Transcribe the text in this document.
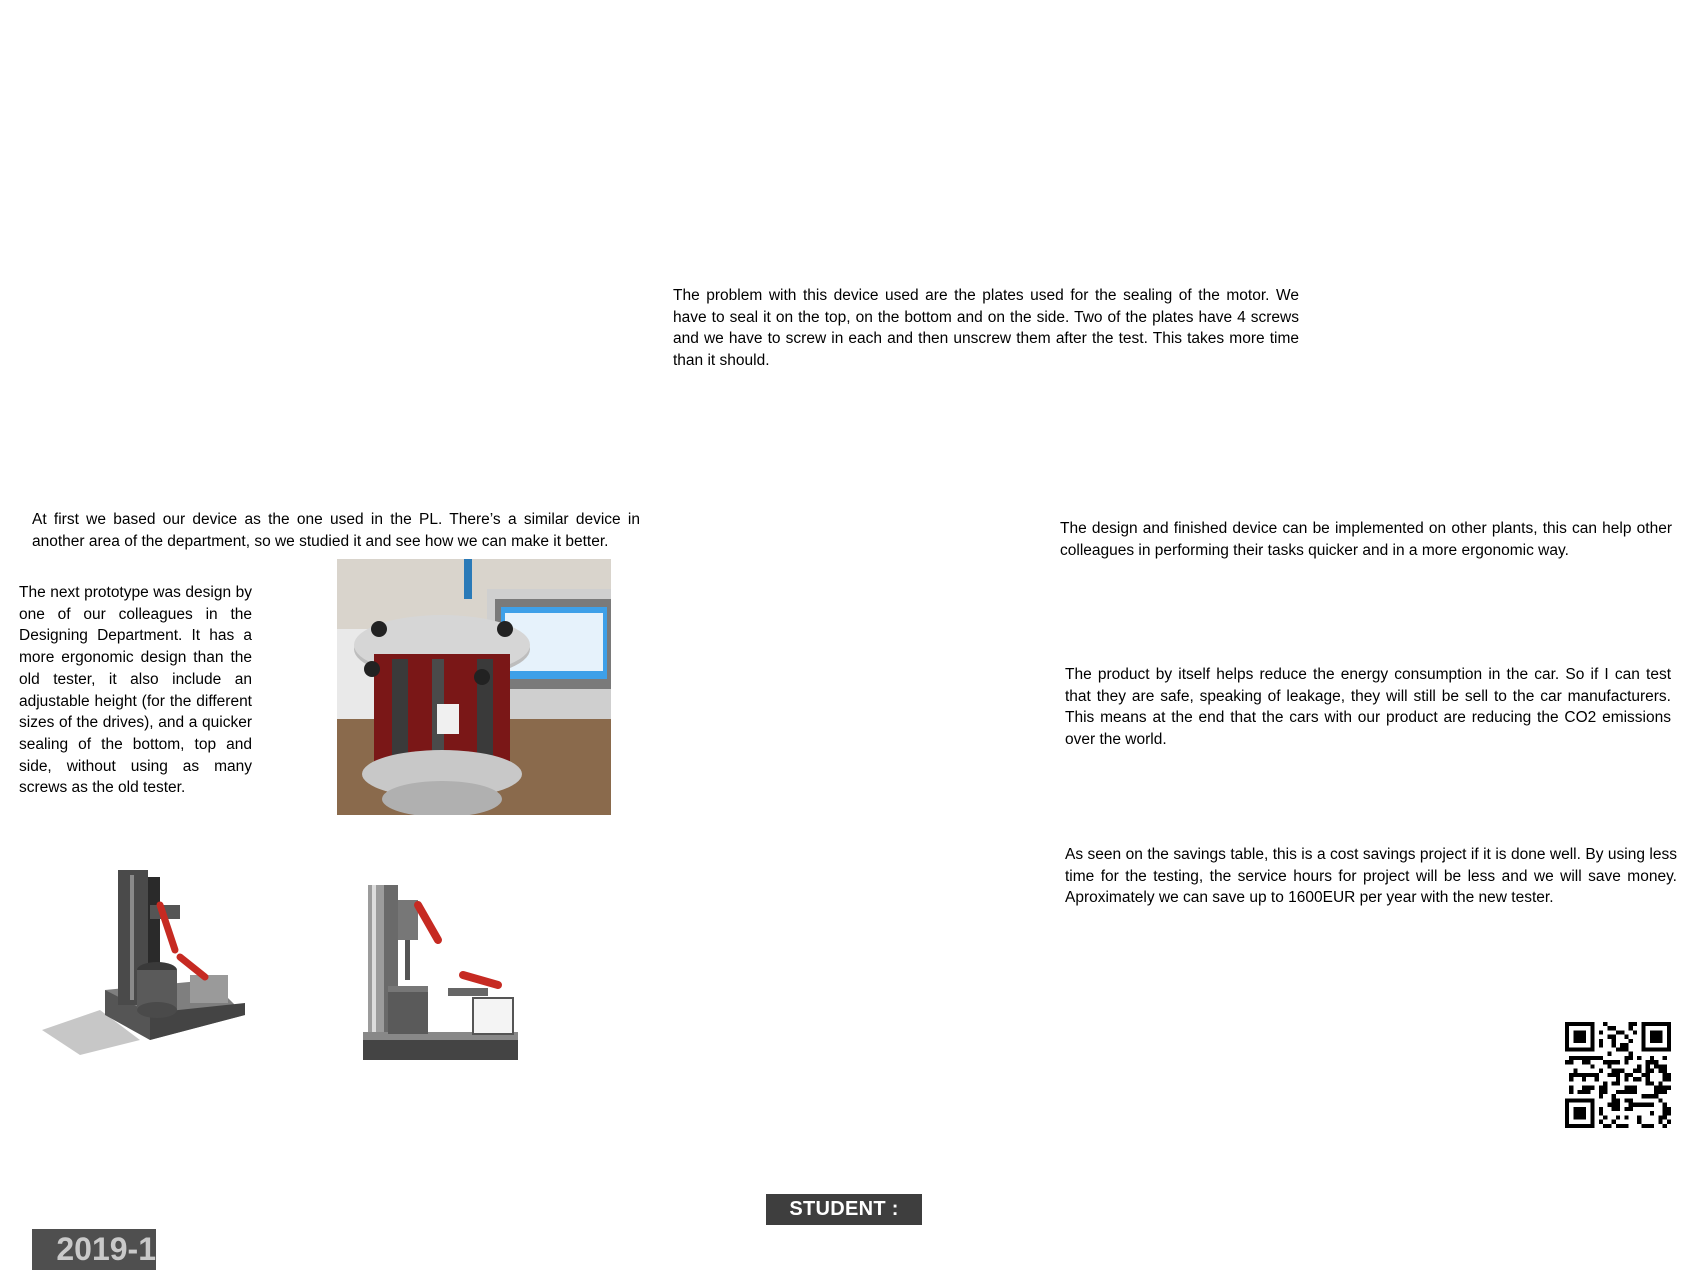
The problem with this device used are the plates used for the sealing of the motor. We have to seal it on the top, on the bottom and on the side. Two of the plates have 4 screws and we have to screw in each and then unscrew them after the test. This takes more time than it should.

At first we based our device as the one used in the PL. There’s a similar device in another area of the department, so we studied it and see how we can make it better.

The next prototype was design by one of our colleagues in the Designing Department. It has a more ergonomic design than the old tester, it also include an adjustable height (for the different sizes of the drives), and a quicker sealing of the bottom, top and side, without using as many screws as the old tester.

The design and finished device can be implemented on other plants, this can help other colleagues in performing their tasks quicker and in a more ergonomic way.

The product by itself helps reduce the energy consumption in the car. So if I can test that they are safe, speaking of leakage, they will still be sell to the car manufacturers. This means at the end that the cars with our product are reducing the CO2 emissions over the world.

As seen on the savings table, this is a cost savings project if it is done well. By using less time for the testing, the service hours for project will be less and we will save money. Aproximately we can save up to 1600EUR per year with the new tester.

STUDENT :
2019-1
